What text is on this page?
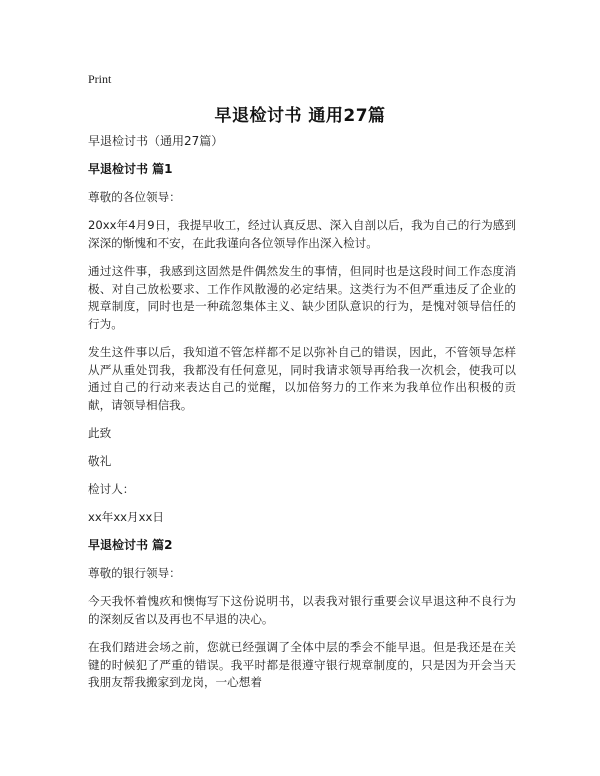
Print
早退检讨书 通用27篇
早退检讨书（通用27篇）
早退检讨书 篇1
尊敬的各位领导：
20xx年4月9日，我提早收工，经过认真反思、深入自剖以后，我为自己的行为感到深深的惭愧和不安，在此我谨向各位领导作出深入检讨。
通过这件事，我感到这固然是件偶然发生的事情，但同时也是这段时间工作态度消极、对自己放松要求、工作作风散漫的必定结果。这类行为不但严重违反了企业的规章制度，同时也是一种疏忽集体主义、缺少团队意识的行为，是愧对领导信任的行为。
发生这件事以后，我知道不管怎样都不足以弥补自己的错误，因此，不管领导怎样从严从重处罚我，我都没有任何意见，同时我请求领导再给我一次机会，使我可以通过自己的行动来表达自己的觉醒，以加倍努力的工作来为我单位作出积极的贡献，请领导相信我。
此致
敬礼
检讨人：
xx年xx月xx日
早退检讨书 篇2
尊敬的银行领导：
今天我怀着愧疚和懊悔写下这份说明书，以表我对银行重要会议早退这种不良行为的深刻反省以及再也不早退的决心。
在我们踏进会场之前，您就已经强调了全体中层的季会不能早退。但是我还是在关键的时候犯了严重的错误。我平时都是很遵守银行规章制度的，只是因为开会当天我朋友帮我搬家到龙岗，一心想着
